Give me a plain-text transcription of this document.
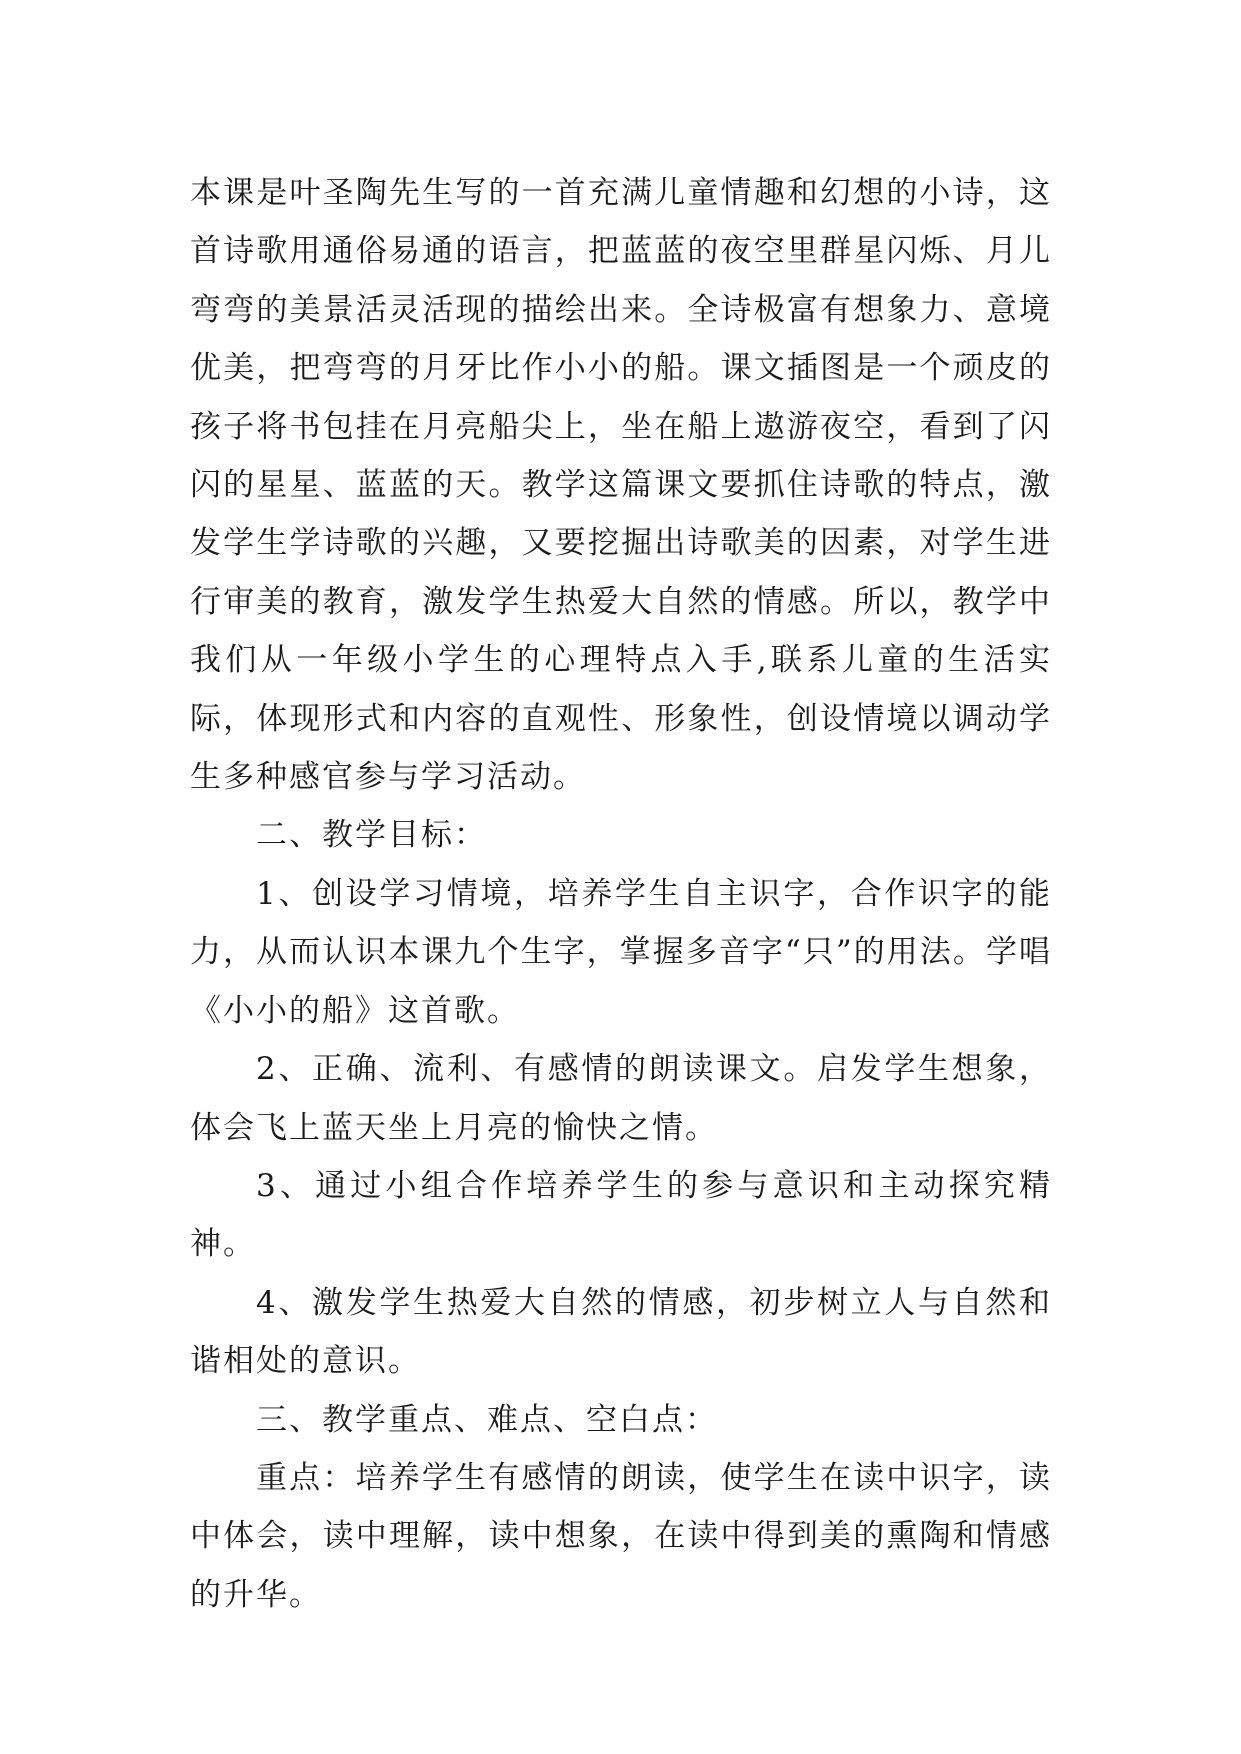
本课是叶圣陶先生写的一首充满儿童情趣和幻想的小诗，这首诗歌用通俗易通的语言，把蓝蓝的夜空里群星闪烁、月儿弯弯的美景活灵活现的描绘出来。全诗极富有想象力、意境优美，把弯弯的月牙比作小小的船。课文插图是一个顽皮的孩子将书包挂在月亮船尖上，坐在船上遨游夜空，看到了闪闪的星星、蓝蓝的天。教学这篇课文要抓住诗歌的特点，激发学生学诗歌的兴趣，又要挖掘出诗歌美的因素，对学生进行审美的教育，激发学生热爱大自然的情感。所以，教学中我们从一年级小学生的心理特点入手,联系儿童的生活实际，体现形式和内容的直观性、形象性，创设情境以调动学生多种感官参与学习活动。

二、教学目标：

1、创设学习情境，培养学生自主识字，合作识字的能力，从而认识本课九个生字，掌握多音字“只”的用法。学唱《小小的船》这首歌。

2、正确、流利、有感情的朗读课文。启发学生想象，体会飞上蓝天坐上月亮的愉快之情。

3、通过小组合作培养学生的参与意识和主动探究精神。

4、激发学生热爱大自然的情感，初步树立人与自然和谐相处的意识。

三、教学重点、难点、空白点：

重点：培养学生有感情的朗读，使学生在读中识字，读中体会，读中理解，读中想象，在读中得到美的熏陶和情感的升华。
